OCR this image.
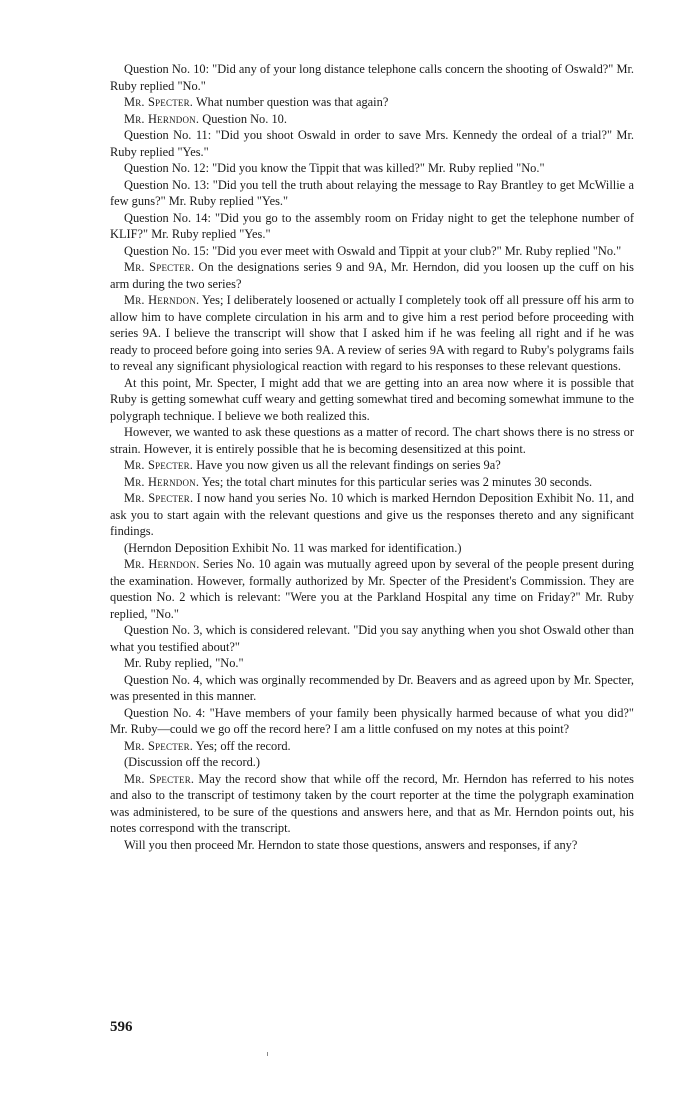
Question No. 10: "Did any of your long distance telephone calls concern the shooting of Oswald?" Mr. Ruby replied "No."

Mr. Specter. What number question was that again?

Mr. Herndon. Question No. 10.

Question No. 11: "Did you shoot Oswald in order to save Mrs. Kennedy the ordeal of a trial?" Mr. Ruby replied "Yes."

Question No. 12: "Did you know the Tippit that was killed?" Mr. Ruby replied "No."

Question No. 13: "Did you tell the truth about relaying the message to Ray Brantley to get McWillie a few guns?" Mr. Ruby replied "Yes."

Question No. 14: "Did you go to the assembly room on Friday night to get the telephone number of KLIF?" Mr. Ruby replied "Yes."

Question No. 15: "Did you ever meet with Oswald and Tippit at your club?" Mr. Ruby replied "No."

Mr. Specter. On the designations series 9 and 9A, Mr. Herndon, did you loosen up the cuff on his arm during the two series?

Mr. Herndon. Yes; I deliberately loosened or actually I completely took off all pressure off his arm to allow him to have complete circulation in his arm and to give him a rest period before proceeding with series 9A. I believe the transcript will show that I asked him if he was feeling all right and if he was ready to proceed before going into series 9A. A review of series 9A with regard to Ruby's polygrams fails to reveal any significant physiological reaction with regard to his responses to these relevant questions.

At this point, Mr. Specter, I might add that we are getting into an area now where it is possible that Ruby is getting somewhat cuff weary and getting somewhat tired and becoming somewhat immune to the polygraph technique. I believe we both realized this.

However, we wanted to ask these questions as a matter of record. The chart shows there is no stress or strain. However, it is entirely possible that he is becoming desensitized at this point.

Mr. Specter. Have you now given us all the relevant findings on series 9a?

Mr. Herndon. Yes; the total chart minutes for this particular series was 2 minutes 30 seconds.

Mr. Specter. I now hand you series No. 10 which is marked Herndon Deposition Exhibit No. 11, and ask you to start again with the relevant questions and give us the responses thereto and any significant findings.

(Herndon Deposition Exhibit No. 11 was marked for identification.)

Mr. Herndon. Series No. 10 again was mutually agreed upon by several of the people present during the examination. However, formally authorized by Mr. Specter of the President's Commission. They are question No. 2 which is relevant: "Were you at the Parkland Hospital any time on Friday?" Mr. Ruby replied, "No."

Question No. 3, which is considered relevant. "Did you say anything when you shot Oswald other than what you testified about?"

Mr. Ruby replied, "No."

Question No. 4, which was orginally recommended by Dr. Beavers and as agreed upon by Mr. Specter, was presented in this manner.

Question No. 4: "Have members of your family been physically harmed because of what you did?" Mr. Ruby—could we go off the record here? I am a little confused on my notes at this point?

Mr. Specter. Yes; off the record.

(Discussion off the record.)

Mr. Specter. May the record show that while off the record, Mr. Herndon has referred to his notes and also to the transcript of testimony taken by the court reporter at the time the polygraph examination was administered, to be sure of the questions and answers here, and that as Mr. Herndon points out, his notes correspond with the transcript.

Will you then proceed Mr. Herndon to state those questions, answers and responses, if any?

596
